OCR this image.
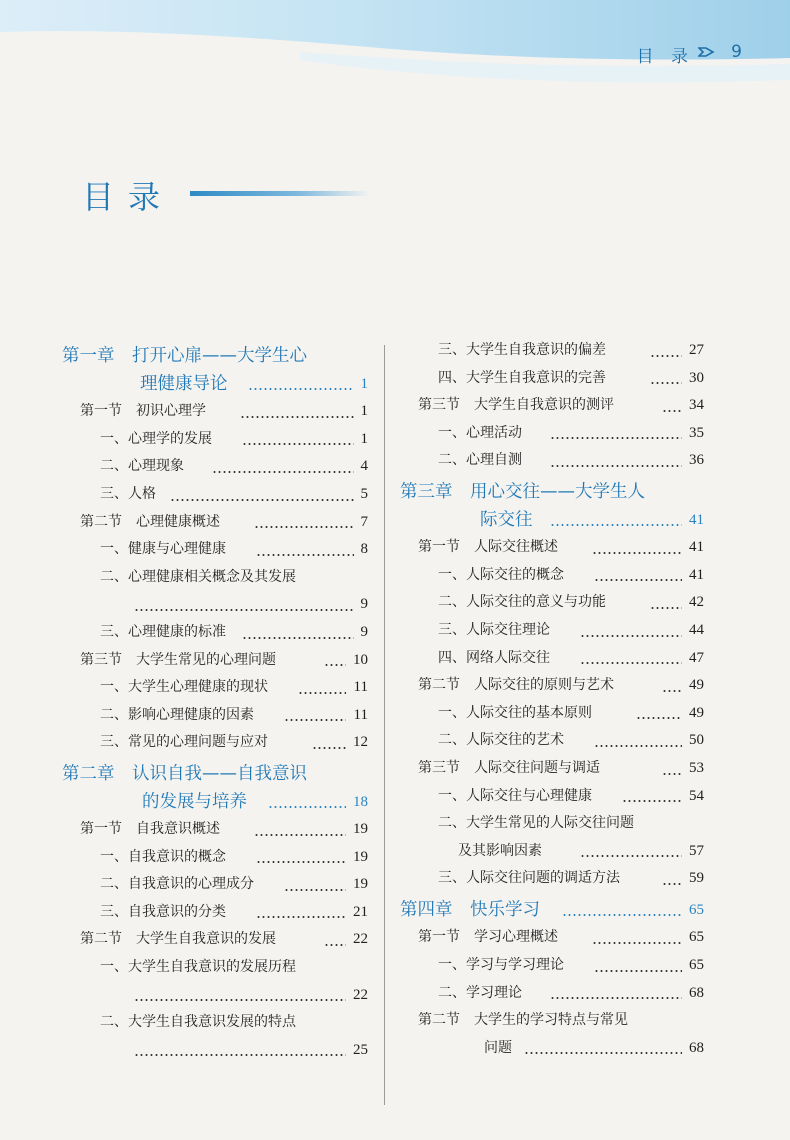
目 录 9
目录
第一章　打开心扉——大学生心
理健康导论	1
第一节　初识心理学	1
一、心理学的发展	1
二、心理现象	4
三、人格	5
第二节　心理健康概述	7
一、健康与心理健康	8
二、心理健康相关概念及其发展
9
三、心理健康的标准	9
第三节　大学生常见的心理问题	10
一、大学生心理健康的现状	11
二、影响心理健康的因素	11
三、常见的心理问题与应对	12
第二章　认识自我——自我意识
的发展与培养	18
第一节　自我意识概述	19
一、自我意识的概念	19
二、自我意识的心理成分	19
三、自我意识的分类	21
第二节　大学生自我意识的发展	22
一、大学生自我意识的发展历程
22
二、大学生自我意识发展的特点
25
三、大学生自我意识的偏差	27
四、大学生自我意识的完善	30
第三节　大学生自我意识的测评	34
一、心理活动	35
二、心理自测	36
第三章　用心交往——大学生人
际交往	41
第一节　人际交往概述	41
一、人际交往的概念	41
二、人际交往的意义与功能	42
三、人际交往理论	44
四、网络人际交往	47
第二节　人际交往的原则与艺术	49
一、人际交往的基本原则	49
二、人际交往的艺术	50
第三节　人际交往问题与调适	53
一、人际交往与心理健康	54
二、大学生常见的人际交往问题
及其影响因素	57
三、人际交往问题的调适方法	59
第四章　快乐学习	65
第一节　学习心理概述	65
一、学习与学习理论	65
二、学习理论	68
第二节　大学生的学习特点与常见
问题	68
